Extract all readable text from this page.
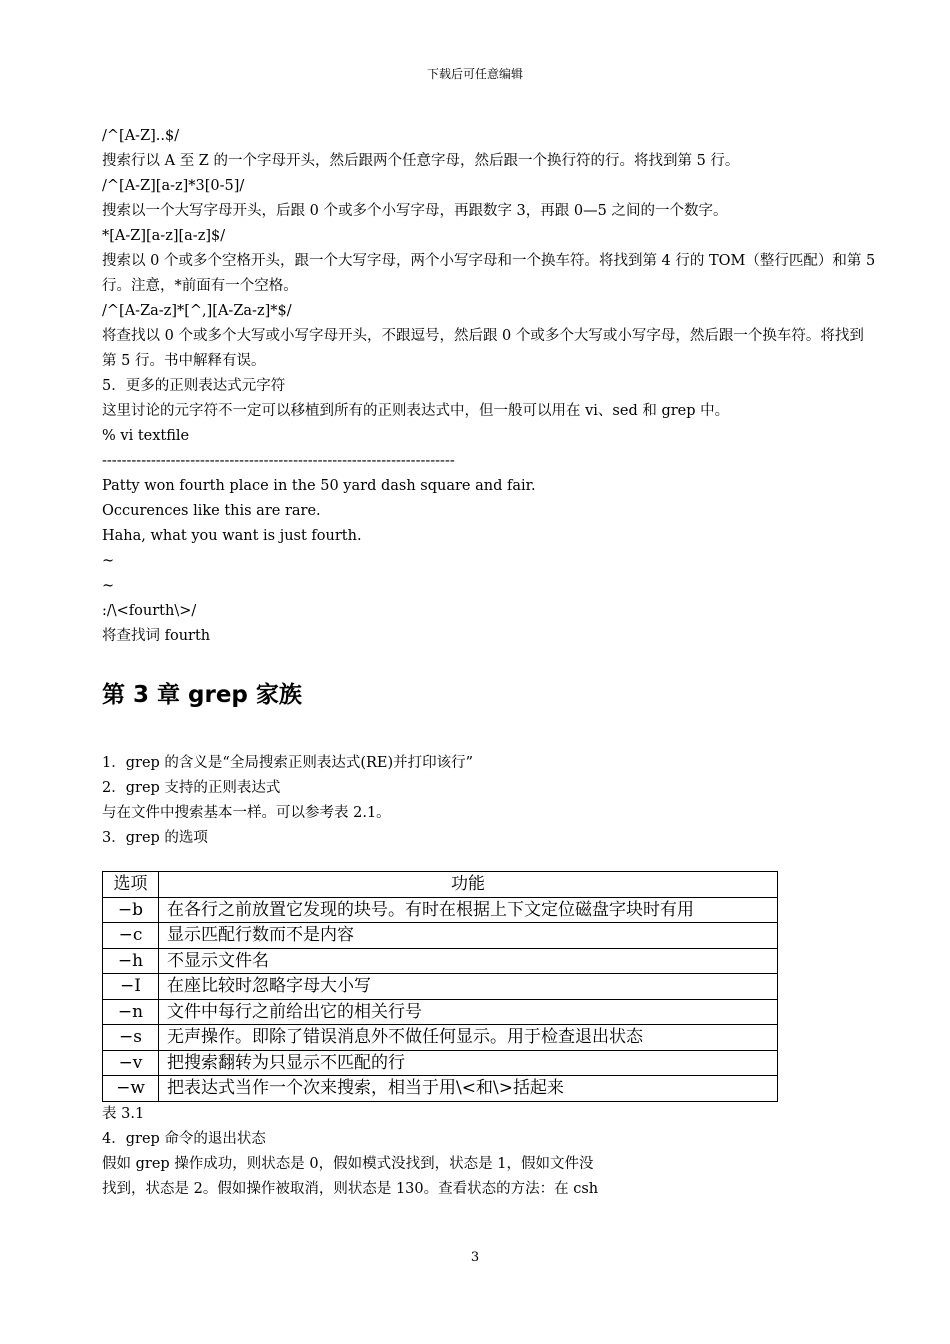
下载后可任意编辑
/^[A-Z]..$/
搜索行以 A 至 Z 的一个字母开头，然后跟两个任意字母，然后跟一个换行符的行。将找到第 5 行。
/^[A-Z][a-z]*3[0-5]/
搜索以一个大写字母开头，后跟 0 个或多个小写字母，再跟数字 3，再跟 0—5 之间的一个数字。
*[A-Z][a-z][a-z]$/
搜索以 0 个或多个空格开头，跟一个大写字母，两个小写字母和一个换车符。将找到第 4 行的 TOM（整行匹配）和第 5 行。注意，*前面有一个空格。
/^[A-Za-z]*[^,][A-Za-z]*$/
将查找以 0 个或多个大写或小写字母开头，不跟逗号，然后跟 0 个或多个大写或小写字母，然后跟一个换车符。将找到第 5 行。书中解释有误。
5．更多的正则表达式元字符
这里讨论的元字符不一定可以移植到所有的正则表达式中，但一般可以用在 vi、sed 和 grep 中。
% vi textfile
------------------------------------------------------------------------
Patty won fourth place in the 50 yard dash square and fair.
Occurences like this are rare.
Haha, what you want is just fourth.
~
~
:/\<fourth\>/
将查找词 fourth
第 3 章 grep 家族
1．grep 的含义是“全局搜索正则表达式(RE)并打印该行”
2．grep 支持的正则表达式
与在文件中搜索基本一样。可以参考表 2.1。
3．grep 的选项
选项	功能
−b	在各行之前放置它发现的块号。有时在根据上下文定位磁盘字块时有用
−c	显示匹配行数而不是内容
−h	不显示文件名
−I	在座比较时忽略字母大小写
−n	文件中每行之前给出它的相关行号
−s	无声操作。即除了错误消息外不做任何显示。用于检查退出状态
−v	把搜索翻转为只显示不匹配的行
−w	把表达式当作一个次来搜索，相当于用\<和\>括起来
表 3.1
4．grep 命令的退出状态
假如 grep 操作成功，则状态是 0，假如模式没找到，状态是 1，假如文件没
找到，状态是 2。假如操作被取消，则状态是 130。查看状态的方法：在 csh
3
